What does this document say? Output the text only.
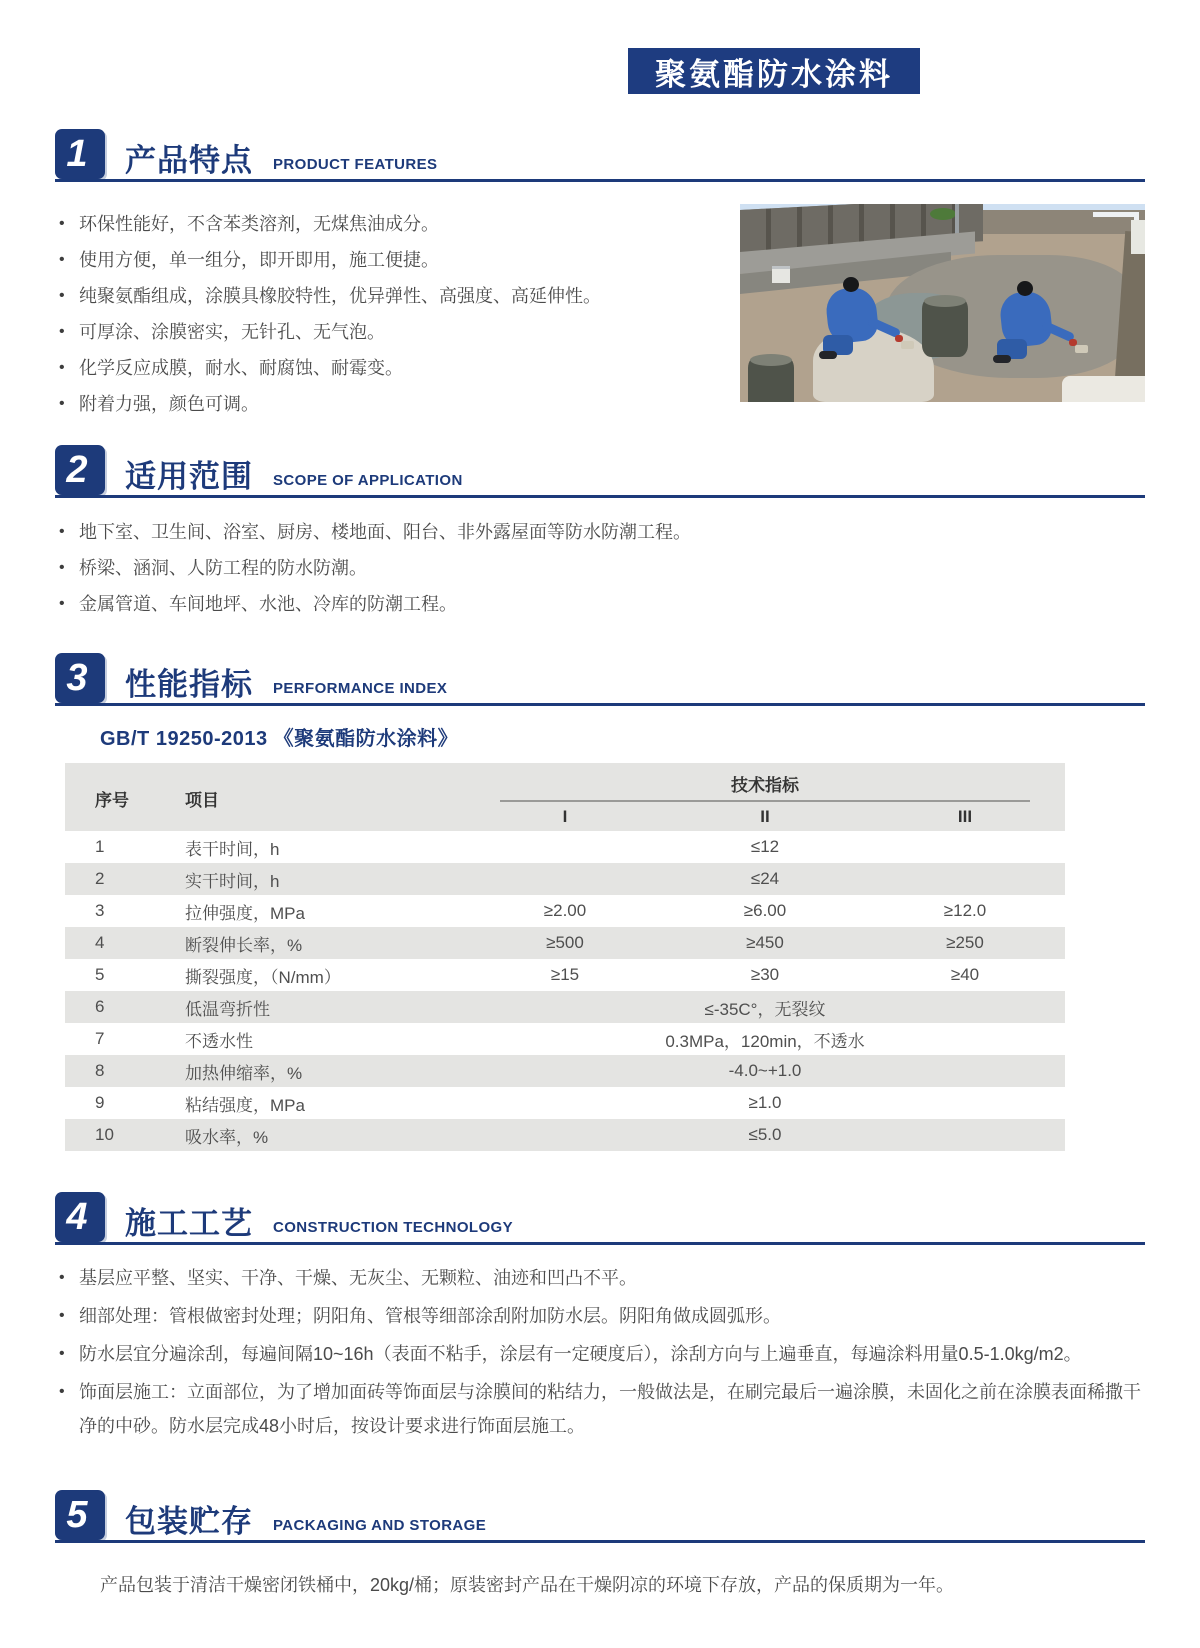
聚氨酯防水涂料
1	产品特点 PRODUCT FEATURES
• 环保性能好，不含苯类溶剂，无煤焦油成分。
• 使用方便，单一组分，即开即用，施工便捷。
• 纯聚氨酯组成，涂膜具橡胶特性，优异弹性、高强度、高延伸性。
• 可厚涂、涂膜密实，无针孔、无气泡。
• 化学反应成膜，耐水、耐腐蚀、耐霉变。
• 附着力强，颜色可调。
2	适用范围 SCOPE OF APPLICATION
• 地下室、卫生间、浴室、厨房、楼地面、阳台、非外露屋面等防水防潮工程。
• 桥梁、涵洞、人防工程的防水防潮。
• 金属管道、车间地坪、水池、冷库的防潮工程。
3	性能指标 PERFORMANCE INDEX
GB/T 19250-2013 《聚氨酯防水涂料》
序号	项目
技术指标
I	II	III
1	表干时间，h	≤12
2	实干时间，h	≤24
3	拉伸强度，MPa	≥2.00	≥6.00	≥12.0
4	断裂伸长率，%	≥500	≥450	≥250
5	撕裂强度，（N/mm）	≥15	≥30	≥40
6	低温弯折性	≤-35C°，无裂纹
7	不透水性	0.3MPa，120min，不透水
8	加热伸缩率，%	-4.0~+1.0
9	粘结强度，MPa	≥1.0
10	吸水率，%	≤5.0
4	施工工艺 CONSTRUCTION TECHNOLOGY
• 基层应平整、坚实、干净、干燥、无灰尘、无颗粒、油迹和凹凸不平。
• 细部处理：管根做密封处理；阴阳角、管根等细部涂刮附加防水层。阴阳角做成圆弧形。
• 防水层宜分遍涂刮，每遍间隔10~16h（表面不粘手，涂层有一定硬度后），涂刮方向与上遍垂直，每遍涂料用量0.5-1.0kg/m2。
• 饰面层施工：立面部位，为了增加面砖等饰面层与涂膜间的粘结力，一般做法是，在刷完最后一遍涂膜，未固化之前在涂膜表面稀撒干净的中砂。防水层完成48小时后，按设计要求进行饰面层施工。
5	包装贮存 PACKAGING AND STORAGE
产品包装于清洁干燥密闭铁桶中，20kg/桶；原装密封产品在干燥阴凉的环境下存放，产品的保质期为一年。
